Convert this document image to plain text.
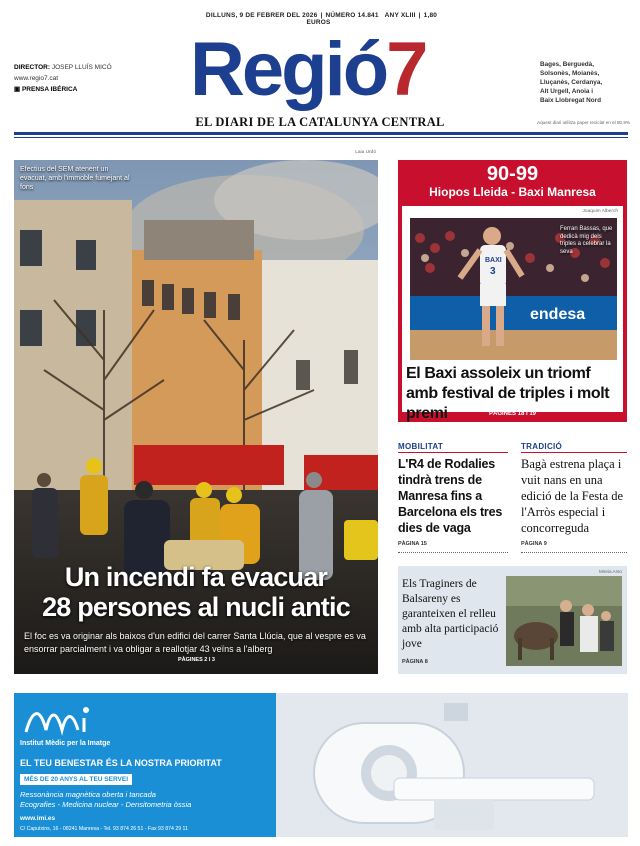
DILLUNS, 9 DE FEBRER DEL 2026 | NÚMERO 14.841 ANY XLIII | 1,80 EUROS
Regió7
EL DIARI DE LA CATALUNYA CENTRAL
DIRECTOR: JOSEP LLUÍS MICÓ
www.regio7.cat
▣ PRENSA IBÉRICA
Bages, Berguedà,
Solsonès, Moianès,
Lluçanès, Cerdanya,
Alt Urgell, Anoia i
Baix Llobregat Nord
Aquest diari utilitza paper reciclat en el 80,9%
Laia Urdó
Efectius del SEM atenent un evacuat, amb l'immoble fumejant al fons
Un incendi fa evacuar
28 persones al nucli antic
El foc es va originar als baixos d'un edifici del carrer Santa Llúcia, que al vespre es va ensorrar parcialment i va obligar a reallotjar 43 veïns a l'alberg
PÀGINES 2 I 3
90-99
Hiopos Lleida - Baxi Manresa
Joaquim Alberch
endesa
BAXI
3
Ferran Bassas, que dedicà mig dels triples a celebrar la seva
El Baxi assoleix un triomf amb festival de triples i molt premi	PÀGINES 18 I 19
MOBILITAT
L'R4 de Rodalies tindrà trens de Manresa fins a Barcelona els tres dies de vaga
PÀGINA 15
TRADICIÓ
Bagà estrena plaça i vuit nans en una edició de la Festa de l'Arròs especial i concorreguda
PÀGINA 9
Els Traginers de Balsareny es garanteixen el relleu amb alta participació jove
PÀGINA 8
Mireia Arso
imi
Institut Mèdic per la Imatge
EL TEU BENESTAR ÉS LA NOSTRA PRIORITAT
MÉS DE 20 ANYS AL TEU SERVEI
Ressonància magnètica oberta i tancada
Ecografies - Medicina nuclear - Densitometria òssia
www.imi.es
C/ Caputxins, 16 - 08241 Manresa - Tel. 93 874 26 51 - Fax 93 874 29 11
